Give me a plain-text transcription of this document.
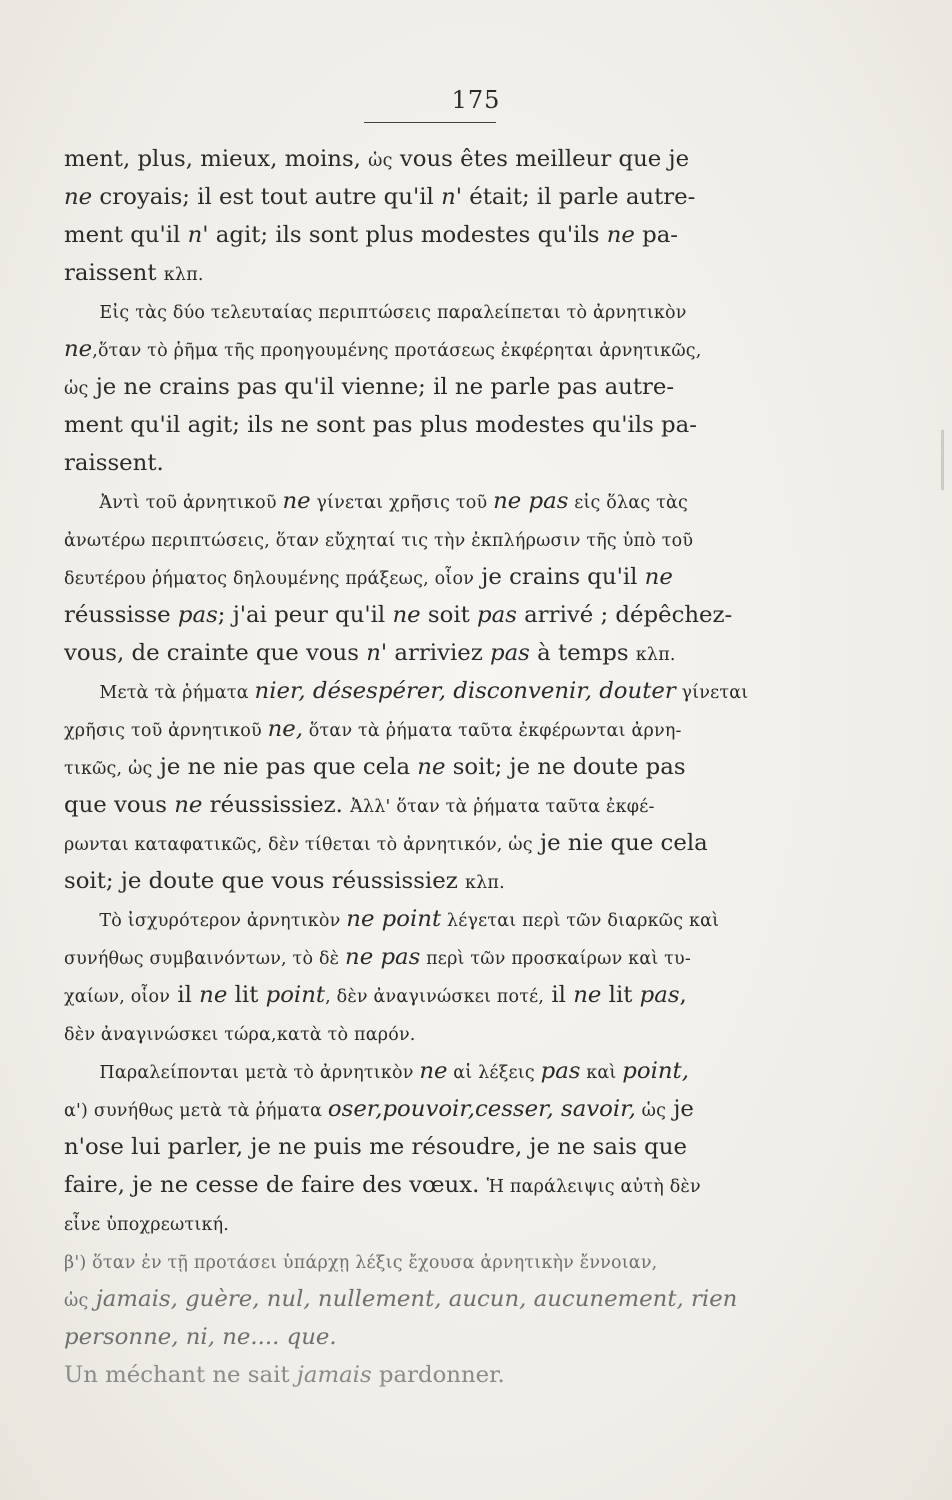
175
ment, plus, mieux, moins, ὡς vous êtes meilleur que je
ne croyais; il est tout autre qu'il n' était; il parle autre-
ment qu'il n' agit; ils sont plus modestes qu'ils ne pa-
raissent κλπ.
  Εἰς τὰς δύο τελευταίας περιπτώσεις παραλείπεται τὸ ἀρνητικὸν
ne,ὅταν τὸ ῥῆμα τῆς προηγουμένης προτάσεως ἐκφέρηται ἀρνητικῶς,
ὡς je ne crains pas qu'il vienne; il ne parle pas autre-
ment qu'il agit; ils ne sont pas plus modestes qu'ils pa-
raissent.
  Ἀντὶ τοῦ ἀρνητικοῦ ne γίνεται χρῆσις τοῦ ne pas εἰς ὅλας τὰς
ἀνωτέρω περιπτώσεις, ὅταν εὔχηταί τις τὴν ἐκπλήρωσιν τῆς ὑπὸ τοῦ
δευτέρου ῥήματος δηλουμένης πράξεως, οἷον je crains qu'il ne
réussisse pas; j'ai peur qu'il ne soit pas arrivé ; dépêchez-
vous, de crainte que vous n' arriviez pas à temps κλπ.
  Μετὰ τὰ ῥήματα nier, désespérer, disconvenir, douter γίνεται
χρῆσις τοῦ ἀρνητικοῦ ne, ὅταν τὰ ῥήματα ταῦτα ἐκφέρωνται ἀρνη-
τικῶς, ὡς je ne nie pas que cela ne soit; je ne doute pas
que vous ne réussissiez. Ἀλλ' ὅταν τὰ ῥήματα ταῦτα ἐκφέ-
ρωνται καταφατικῶς, δὲν τίθεται τὸ ἀρνητικόν, ὡς je nie que cela
soit; je doute que vous réussissiez κλπ.
  Τὸ ἰσχυρότερον ἀρνητικὸν ne point λέγεται περὶ τῶν διαρκῶς καὶ
συνήθως συμβαινόντων, τὸ δὲ ne pas περὶ τῶν προσκαίρων καὶ τυ-
χαίων, οἷον il ne lit point, δὲν ἀναγινώσκει ποτέ, il ne lit pas,
δὲν ἀναγινώσκει τώρα,κατὰ τὸ παρόν.
  Παραλείπονται μετὰ τὸ ἀρνητικὸν ne αἱ λέξεις pas καὶ point,
α') συνήθως μετὰ τὰ ῥήματα oser,pouvoir,cesser, savoir, ὡς je
n'ose lui parler, je ne puis me résoudre, je ne sais que
faire, je ne cesse de faire des vœux. Ἡ παράλειψις αὐτὴ δὲν
εἶνε ὑποχρεωτική.
β') ὅταν ἐν τῇ προτάσει ὑπάρχῃ λέξις ἔχουσα ἀρνητικὴν ἔννοιαν,
ὡς jamais, guère, nul, nullement, aucun, aucunement, rien
personne, ni, ne.... que.
Un méchant ne sait jamais pardonner.
